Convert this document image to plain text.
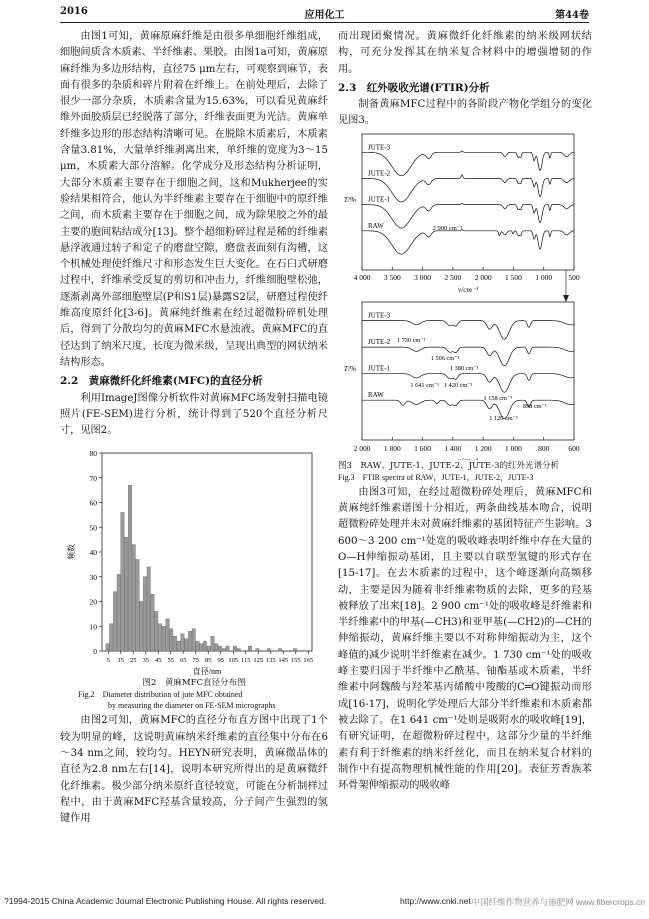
2016	应用化工	第44卷

由图1可知，黄麻原麻纤维是由很多单细胞纤维组成，细胞间质含木质素、半纤维素、果胶。由图1a可知，黄麻原麻纤维为多边形结构，直径75 μm左右，可观察到麻节，表面有很多的杂质和碎片附着在纤维上。在前处理后，去除了很少一部分杂质，木质素含量为15.63%，可以看见黄麻纤维外面胶质层已经脱落了部分，纤维表面更为光洁。黄麻单纤维多边形的形态结构清晰可见。在脱除木质素后，木质素含量3.81%，大量单纤维剥离出来，单纤维的宽度为3～15 μm，木质素大部分溶解。化学成分及形态结构分析证明，大部分木质素主要存在于细胞之间，这和Mukherjee的实验结果相符合，他认为半纤维素主要存在于细胞中的原纤维之间，而木质素主要存在于细胞之间，成为除果胶之外的最主要的胞间粘结成分[13]。整个超细粉碎过程是稀的纤维素悬浮液通过转子和定子的磨盘空隙，磨盘表面刻有沟槽，这个机械处理使纤维尺寸和形态发生巨大变化。在石臼式研磨过程中，纤维承受反复的剪切和冲击力，纤维细胞壁松弛，逐渐剥离外部细胞壁层(P和S1层)暴露S2层，研磨过程使纤维高度原纤化[3-6]。黄麻纯纤维素在经过超微粉碎机处理后，得到了分散均匀的黄麻MFC水悬浊液。黄麻MFC的直径达到了纳米尺度，长度为微米级，呈现出典型的网状纳米结构形态。

2.2　黄麻微纤化纤维素(MFC)的直径分析

利用ImageJ图像分析软件对黄麻MFC场发射扫描电镜照片(FE-SEM)进行分析，统计得到了520个直径分析尺寸，见图2。

0
10
20
30
40
50
60
70
80
5 15 25 35 45 55 65 75 85 95 105 115 125 135 145 155 165
直径/nm
频数
图2　黄麻MFC直径分布图
Fig.2　Diameter distribution of jute MFC obtained
by measuring the diameter on FE-SEM micrographs

由图2可知，黄麻MFC的直径分布直方图中出现了1个较为明显的峰，这说明黄麻纳米纤维素的直径集中分布在6～34 nm之间，较均匀。HEYN研究表明，黄麻微晶体的直径为2.8 nm左右[14]，说明本研究所得出的是黄麻微纤化纤维素。极少部分纳米原纤直径较宽，可能在分析制样过程中，由于黄麻MFC羟基含量较高，分子间产生强烈的氢键作用

而出现团聚情况。黄麻微纤化纤维素的纳米级网状结构，可充分发挥其在纳米复合材料中的增强增韧的作用。

2.3　红外吸收光谱(FTIR)分析

制备黄麻MFC过程中的各阶段产物化学组分的变化见图3。

4 000 3 500 3 000 2 500 2 000 1 500 1 000 500
JUTE-3
JUTE-2
JUTE-1
RAW
T/%
ν/cm⁻¹
2 900 cm⁻¹
2 000 1 800 1 600 1 400 1 200 1 000 800	600
JUTE-3
JUTE-2
JUTE-1
RAW
T/%
1 730 cm⁻¹
1 506 cm⁻¹
1 380 cm⁻¹
1 641 cm⁻¹ 1 420 cm⁻¹
1 158 cm⁻¹
1 120 cm⁻¹
898 cm⁻¹
图3　RAW、JUTE-1、JUTE-2、JUTE-3的红外光谱分析
Fig.3　FTIR spectra of RAW，JUTE-1，JUTE-2，JUTE-3

由图3可知，在经过超微粉碎处理后，黄麻MFC和黄麻纯纤维素谱图十分相近，两条曲线基本吻合，说明超微粉碎处理并未对黄麻纤维素的基团特征产生影响。3 600～3 200 cm⁻¹处宽的吸收峰表明纤维中存在大量的O—H伸缩振动基团，且主要以自联型氢键的形式存在[15-17]。在去木质素的过程中，这个峰逐渐向高频移动，主要是因为随着非纤维素物质的去除，更多的羟基被释放了出来[18]。2 900 cm⁻¹处的吸收峰是纤维素和半纤维素中的甲基(—CH3)和亚甲基(—CH2)的—CH的伸缩振动，黄麻纤维主要以不对称伸缩振动为主，这个峰值的减少说明半纤维素在减少。1 730 cm⁻¹处的吸收峰主要归因于半纤维中乙酰基、铀酯基或木质素，半纤维素中阿魏酸与羟苯基丙烯酸中羧酸的C═O键振动而形成[16-17]，说明化学处理后大部分半纤维素和木质素都被去除了。在1 641 cm⁻¹处则是吸附水的吸收峰[19]，有研究证明，在超微粉碎过程中，这部分少量的半纤维素有利于纤维素的纳米纤丝化，而且在纳米复合材料的制作中有提高物理机械性能的作用[20]。表征芳香族苯环骨架伸缩振动的吸收峰

?1994-2015 China Academic Journal Electronic Publishing House. All rights reserved.	http://www.cnki.net 中国纤维作物营养与施肥网 www.fibercrops.cn
